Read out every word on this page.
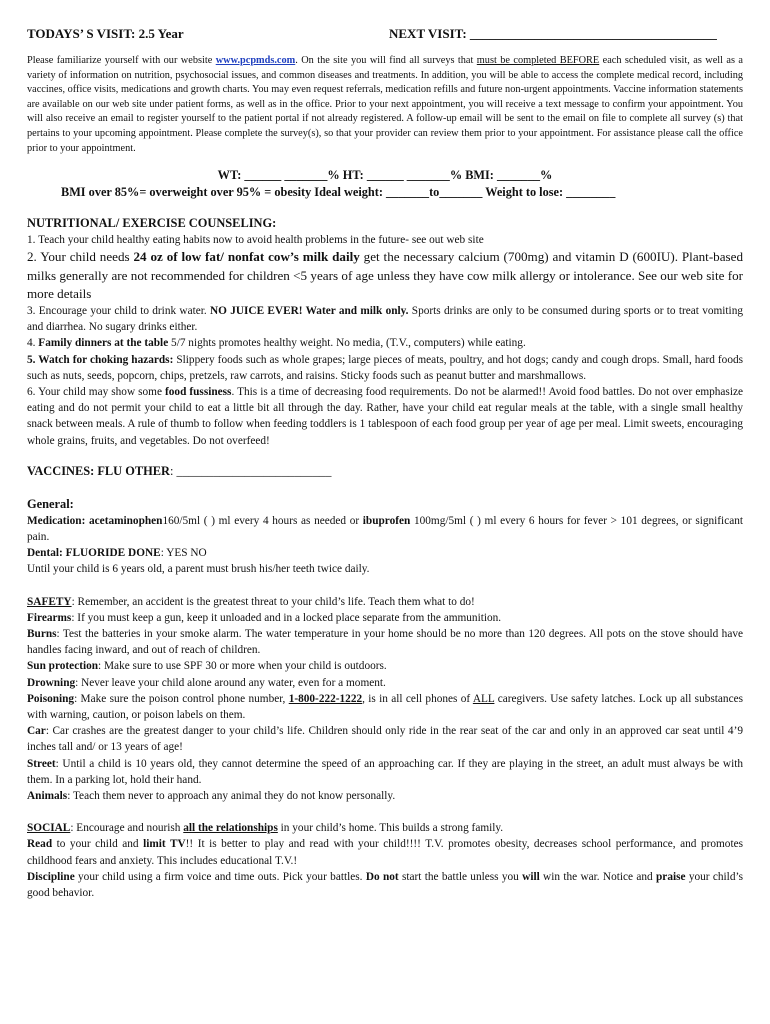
TODAYS’ S VISIT: 2.5 Year	NEXT VISIT: ______________________________________
Please familiarize yourself with our website www.pcpmds.com. On the site you will find all surveys that must be completed BEFORE each scheduled visit, as well as a variety of information on nutrition, psychosocial issues, and common diseases and treatments. In addition, you will be able to access the complete medical record, including vaccines, office visits, medications and growth charts. You may even request referrals, medication refills and future non-urgent appointments. Vaccine information statements are available on our web site under patient forms, as well as in the office. Prior to your next appointment, you will receive a text message to confirm your appointment. You will also receive an email to register yourself to the patient portal if not already registered. A follow-up email will be sent to the email on file to complete all survey (s) that pertains to your upcoming appointment. Please complete the survey(s), so that your provider can review them prior to your appointment. For assistance please call the office prior to your appointment.
WT: ______ _______% HT: ______ _______% BMI: _______%
BMI over 85%= overweight over 95% = obesity Ideal weight: _______to_______ Weight to lose: ________
NUTRITIONAL/ EXERCISE COUNSELING:
1. Teach your child healthy eating habits now to avoid health problems in the future- see out web site
2. Your child needs 24 oz of low fat/ nonfat cow’s milk daily get the necessary calcium (700mg) and vitamin D (600IU). Plant-based milks generally are not recommended for children <5 years of age unless they have cow milk allergy or intolerance. See our web site for more details
3. Encourage your child to drink water. NO JUICE EVER! Water and milk only. Sports drinks are only to be consumed during sports or to treat vomiting and diarrhea. No sugary drinks either.
4. Family dinners at the table 5/7 nights promotes healthy weight. No media, (T.V., computers) while eating.
5. Watch for choking hazards: Slippery foods such as whole grapes; large pieces of meats, poultry, and hot dogs; candy and cough drops. Small, hard foods such as nuts, seeds, popcorn, chips, pretzels, raw carrots, and raisins. Sticky foods such as peanut butter and marshmallows.
6. Your child may show some food fussiness. This is a time of decreasing food requirements. Do not be alarmed!! Avoid food battles. Do not over emphasize eating and do not permit your child to eat a little bit all through the day. Rather, have your child eat regular meals at the table, with a single small healthy snack between meals. A rule of thumb to follow when feeding toddlers is 1 tablespoon of each food group per year of age per meal. Limit sweets, encouraging whole grains, fruits, and vegetables. Do not overfeed!
VACCINES: FLU OTHER: _________________________
General:
Medication: acetaminophen160/5ml ( ) ml every 4 hours as needed or ibuprofen 100mg/5ml ( ) ml every 6 hours for fever > 101 degrees, or significant pain.
Dental: FLUORIDE DONE: YES NO
Until your child is 6 years old, a parent must brush his/her teeth twice daily.
SAFETY: Remember, an accident is the greatest threat to your child’s life. Teach them what to do!
Firearms: If you must keep a gun, keep it unloaded and in a locked place separate from the ammunition.
Burns: Test the batteries in your smoke alarm. The water temperature in your home should be no more than 120 degrees. All pots on the stove should have handles facing inward, and out of reach of children.
Sun protection: Make sure to use SPF 30 or more when your child is outdoors.
Drowning: Never leave your child alone around any water, even for a moment.
Poisoning: Make sure the poison control phone number, 1-800-222-1222, is in all cell phones of ALL caregivers. Use safety latches. Lock up all substances with warning, caution, or poison labels on them.
Car: Car crashes are the greatest danger to your child’s life. Children should only ride in the rear seat of the car and only in an approved car seat until 4’9 inches tall and/ or 13 years of age!
Street: Until a child is 10 years old, they cannot determine the speed of an approaching car. If they are playing in the street, an adult must always be with them. In a parking lot, hold their hand.
Animals: Teach them never to approach any animal they do not know personally.
SOCIAL: Encourage and nourish all the relationships in your child’s home. This builds a strong family.
Read to your child and limit TV!! It is better to play and read with your child!!!! T.V. promotes obesity, decreases school performance, and promotes childhood fears and anxiety. This includes educational T.V.!
Discipline your child using a firm voice and time outs. Pick your battles. Do not start the battle unless you will win the war. Notice and praise your child’s good behavior.
